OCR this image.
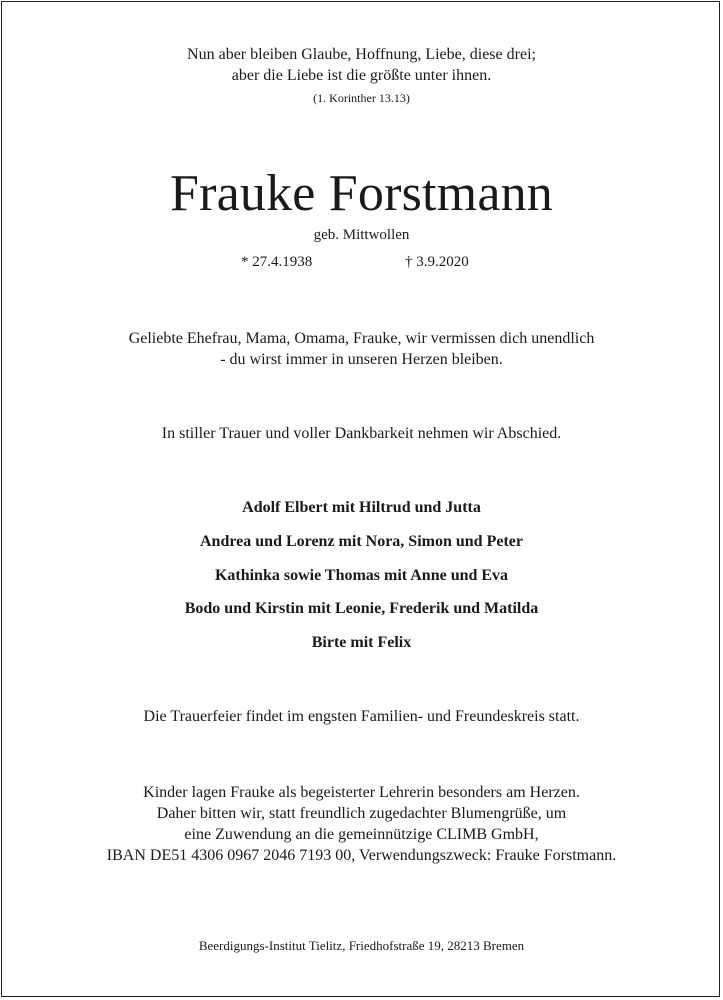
Nun aber bleiben Glaube, Hoffnung, Liebe, diese drei;
aber die Liebe ist die größte unter ihnen.
(1. Korinther 13.13)
Frauke Forstmann
geb. Mittwollen
* 27.4.1938	† 3.9.2020
Geliebte Ehefrau, Mama, Omama, Frauke, wir vermissen dich unendlich
- du wirst immer in unseren Herzen bleiben.
In stiller Trauer und voller Dankbarkeit nehmen wir Abschied.
Adolf Elbert mit Hiltrud und Jutta
Andrea und Lorenz mit Nora, Simon und Peter
Kathinka sowie Thomas mit Anne und Eva
Bodo und Kirstin mit Leonie, Frederik und Matilda
Birte mit Felix
Die Trauerfeier findet im engsten Familien- und Freundeskreis statt.
Kinder lagen Frauke als begeisterter Lehrerin besonders am Herzen.
Daher bitten wir, statt freundlich zugedachter Blumengrüße, um
eine Zuwendung an die gemeinnützige CLIMB GmbH,
IBAN DE51 4306 0967 2046 7193 00, Verwendungszweck: Frauke Forstmann.
Beerdigungs-Institut Tielitz, Friedhofstraße 19, 28213 Bremen
